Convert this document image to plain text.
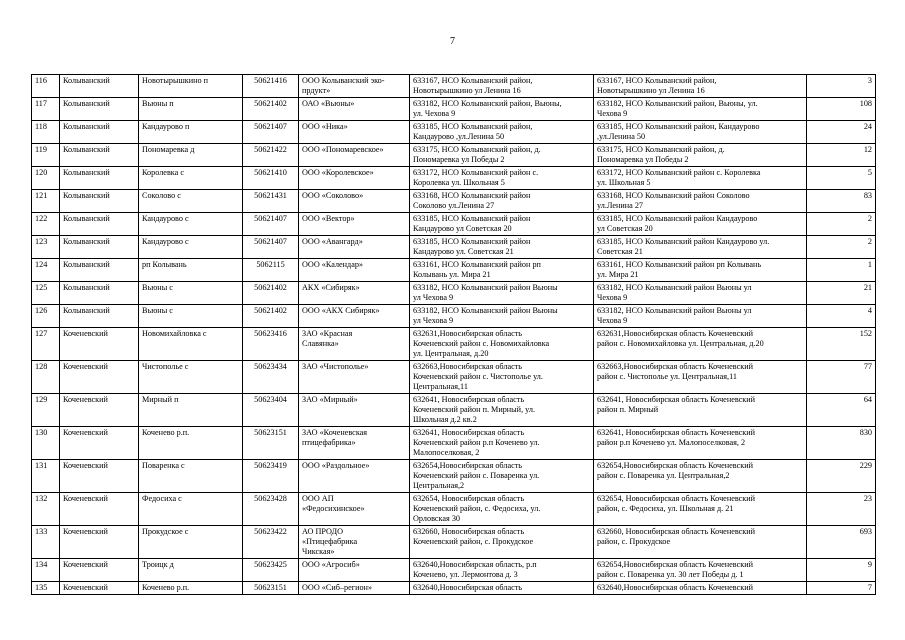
7
116	Колыванский	Новотырышкино п	50621416	ООО Колыванский эко-
прдукт»	633167, НСО Колыванский район,
Новотырышкино ул Ленина 16	633167, НСО Колыванский район,
Новотырышкино ул Ленина 16	3
117	Колыванский	Вьюны п	50621402	ОАО «Вьюны»	633182, НСО Колыванский район, Вьюны,
ул. Чехова 9	633182, НСО Колыванский район, Вьюны, ул.
Чехова 9	108
118	Колыванский	Кандаурово п	50621407	ООО «Ника»	633185, НСО Колыванский район,
Кандаурово ,ул.Ленина 50	633185, НСО Колыванский район, Кандаурово
,ул.Ленина 50	24
119	Колыванский	Пономаревка д	50621422	ООО «Пономаревское»	633175, НСО Колыванский район, д.
Пономаревка ул Победы 2	633175, НСО Колыванский район, д.
Пономаревка ул Победы 2	12
120	Колыванский	Королевка с	50621410	ООО «Королевское»	633172, НСО Колыванский район с.
Королевка ул. Школьная 5	633172, НСО Колыванский район с. Королевка
ул. Школьная 5	5
121	Колыванский	Соколово с	50621431	ООО «Соколово»	633168, НСО Колыванский район
Соколово ул.Ленина 27	633168, НСО Колыванский район Соколово
ул.Ленина 27	83
122	Колыванский	Кандаурово с	50621407	ООО «Вектор»	633185, НСО Колыванский район
Кандаурово ул Советская 20	633185, НСО Колыванский район Кандаурово
ул Советская 20	2
123	Колыванский	Кандаурово с	50621407	ООО «Авангард»	633185, НСО Колыванский район
Кандаурово ул. Советская 21	633185, НСО Колыванский район Кандаурово ул.
Советская 21	2
124	Колыванский	рп Колывань	5062115	ООО «Календар»	633161, НСО Колыванский район рп
Колывань ул. Мира 21	633161, НСО Колыванский район рп Колывань
ул. Мира 21	1
125	Колыванский	Вьюны с	50621402	АКХ «Сибиряк»	633182, НСО Колыванский район Вьюны
ул Чехова 9	633182, НСО Колыванский район Вьюны ул
Чехова 9	21
126	Колыванский	Вьюны с	50621402	ООО «АКХ Сибиряк»	633182, НСО Колыванский район Вьюны
ул Чехова 9	633182, НСО Колыванский район Вьюны ул
Чехова 9	4
127	Коченевский	Новомихайловка с	50623416	ЗАО «Красная
Славянка»	632631,Новосибирская область
Коченевский район с. Новомихайловка
ул. Центральная, д.20	632631,Новосибирская область Коченевский
район с. Новомихайловка ул. Центральная, д.20	152
128	Коченевский	Чистополье с	50623434	ЗАО «Чистополье»	632663,Новосибирская область
Коченевский район с. Чистополье ул.
Центральная,11	632663,Новосибирская область Коченевский
район с. Чистополье ул. Центральная,11	77
129	Коченевский	Мирный п	50623404	ЗАО «Мирный»	632641, Новосибирская область
Коченевский район п. Мирный, ул.
Школьная д.2 кв.2	632641, Новосибирская область Коченевский
район п. Мирный	64
130	Коченевский	Коченево р.п.	50623151	ЗАО «Коченевская
птицефабрика»	632641, Новосибирская область
Коченевский район р.п Коченево ул.
Малопоселковая, 2	632641, Новосибирская область Коченевский
район р.п Коченево ул. Малопоселковая, 2	830
131	Коченевский	Поваренка с	50623419	ООО «Раздольное»	632654,Новосибирская область
Коченевский район с. Поваренка ул.
Центральная,2	632654,Новосибирская область Коченевский
район с. Поваренка ул. Центральная,2	229
132	Коченевский	Федосиха с	50623428	ООО АП
«Федосихинское»	632654, Новосибирская область
Коченевский район, с. Федосиха, ул.
Орловская 30	632654, Новосибирская область Коченевский
район, с. Федосиха, ул. Школьная д. 21	23
133	Коченевский	Прокудское с	50623422	АО ПРОДО
«Птицефабрика
Чикская»	632660, Новосибирская область
Коченевский район, с. Прокудское	632660, Новосибирская область Коченевский
район, с. Прокудское	693
134	Коченевский	Троицк д	50623425	ООО «Агросиб»	632640,Новосибирская область, р.п
Коченево, ул. Лермонтова д. 3	632654,Новосибирская область Коченевский
район с. Поваренка ул. 30 лет Победы д. 1	9
135	Коченевский	Коченево р.п.	50623151	ООО «Сиб–регион»	632640,Новосибирская область	632640,Новосибирская область Коченевский	7
